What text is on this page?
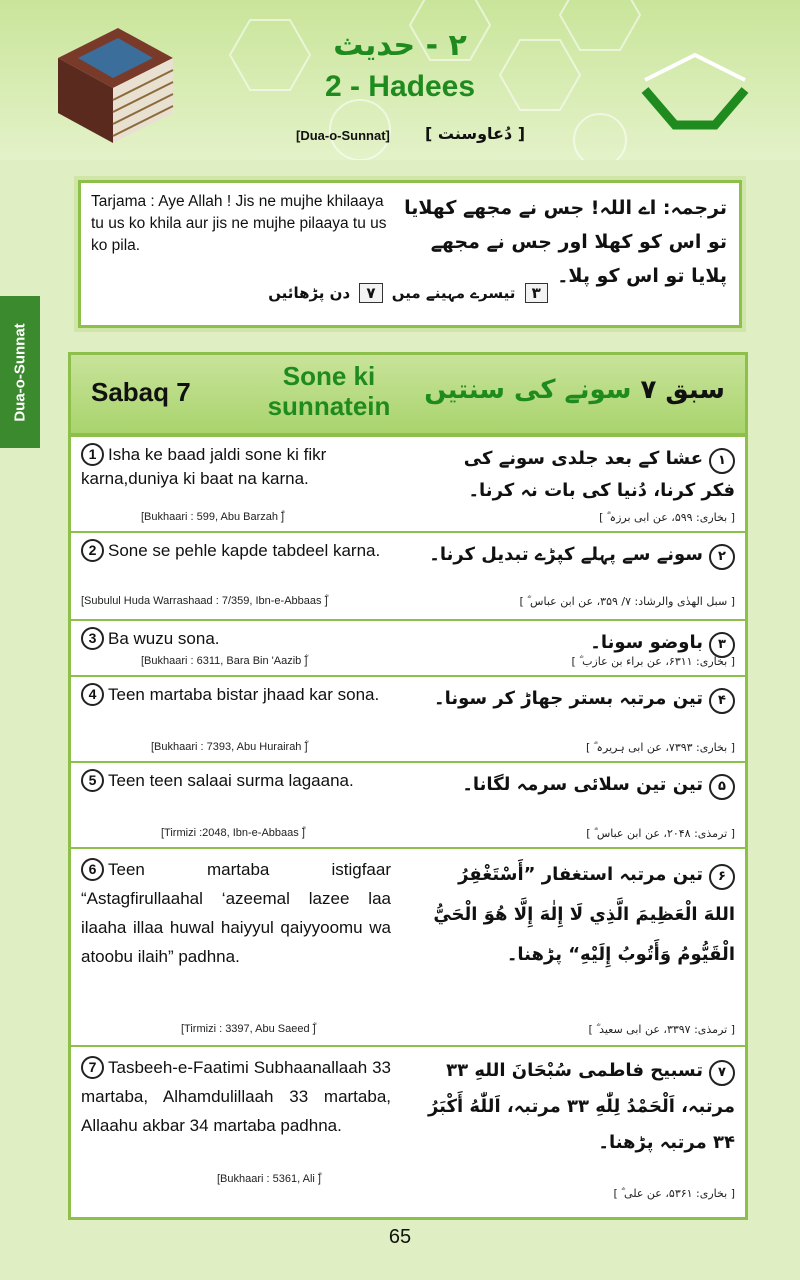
۲ - حدیث
2 - Hadees
[Dua-o-Sunnat] [ دُعاوسنت ]
Tarjama : Aye Allah ! Jis ne mujhe khilaaya tu us ko khila aur jis ne mujhe pilaaya tu us ko pila.
ترجمہ: اے اللہ! جس نے مجھے کھلایا تو اس کو کھلا اور جس نے مجھے پلایا تو اس کو پلا۔
۳ تیسرے مہینے میں ۷ دن پڑھائیں
Dua-o-Sunnat Sabaq 7
Sone ki sunnatein
سبق ۷ سونے کی سنتیں
1 Isha ke baad jaldi sone ki fikr karna,duniya ki baat na karna.
[Bukhaari : 599, Abu Barzah ؓ]
۱عشا کے بعد جلدی سونے کی فکر کرنا، دُنیا کی بات نہ کرنا۔
[ بخاری: ۵۹۹، عن ابی برزہ ؓ ]
2 Sone se pehle kapde tabdeel karna.
[Subulul Huda Warrashaad : 7/359, Ibn-e-Abbaas ؓ]
۲سونے سے پہلے کپڑے تبدیل کرنا۔
[ سبل الھدٰی والرشاد: ۷/ ۳۵۹، عن ابن عباس ؓ ]
3 Ba wuzu sona.
[Bukhaari : 6311, Bara Bin 'Aazib ؓ]
۳باوضو سونا۔
[ بخاری: ۶۳۱۱، عن براء بن عازب ؓ ]
4 Teen martaba bistar jhaad kar sona.
[Bukhaari : 7393, Abu Hurairah ؓ]
۴تین مرتبہ بستر جھاڑ کر سونا۔
[ بخاری: ۷۳۹۳، عن ابی ہریرہ ؓ ]
5 Teen teen salaai surma lagaana.
[Tirmizi :2048, Ibn-e-Abbaas ؓ]
۵تین تین سلائی سرمہ لگانا۔
[ ترمذی: ۲۰۴۸، عن ابن عباس ؓ ]
6 Teen martaba istigfaar “Astagfirullaahal ‘azeemal lazee laa ilaaha illaa huwal haiyyul qaiyyoomu wa atoobu ilaih” padhna.
[Tirmizi : 3397, Abu Saeed ؓ]
۶تین مرتبہ استغفار ”أَسْتَغْفِرُ اللهَ الْعَظِيمَ الَّذِي لَا إِلٰهَ إِلَّا هُوَ الْحَيُّ الْقَيُّومُ وَأَتُوبُ إِلَيْهِ“ پڑھنا۔
[ ترمذی: ۳۳۹۷، عن ابی سعید ؓ ]
7 Tasbeeh-e-Faatimi Subhaanallaah 33 martaba, Alhamdulillaah 33 martaba, Allaahu akbar 34 martaba padhna.
[Bukhaari : 5361, Ali ؓ]
۷تسبیح فاطمی سُبْحَانَ اللهِ ۳۳ مرتبہ، اَلْحَمْدُ لِلّٰهِ ۳۳ مرتبہ، اَللّٰهُ أَكْبَرُ ۳۴ مرتبہ پڑھنا۔
[ بخاری: ۵۳۶۱، عن علی ؓ ]
65
